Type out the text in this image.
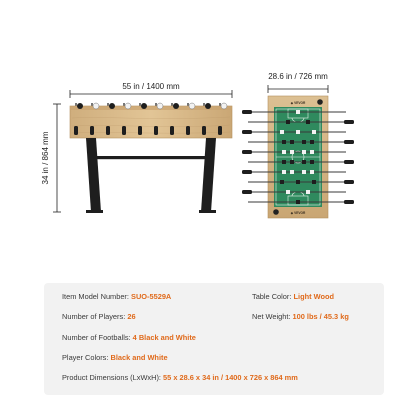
55 in / 1400 mm
34 in / 864 mm
28.6 in / 726 mm
◆ VEVOR
◆ VEVOR
Item Model Number: SUO-5529A	Table Color: Light Wood
Number of Players: 26	Net Weight: 100 lbs / 45.3 kg
Number of Footballs: 4 Black and White
Player Colors: Black and White
Product Dimensions (LxWxH): 55 x 28.6 x 34 in / 1400 x 726 x 864 mm
